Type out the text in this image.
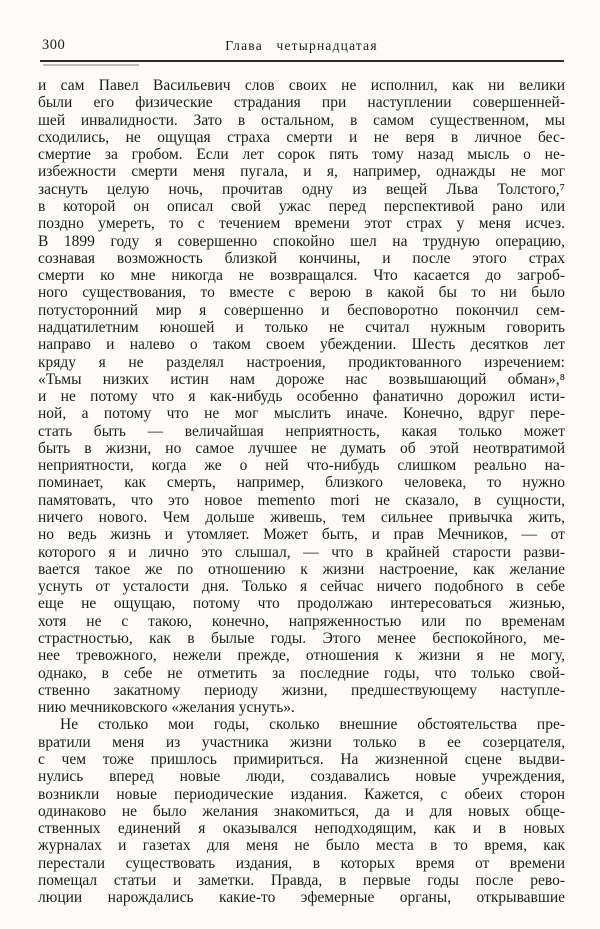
300	Глава четырнадцатая
и сам Павел Васильевич слов своих не исполнил, как ни велики
были его физические страдания при наступлении совершенней-
шей инвалидности. Зато в остальном, в самом существенном, мы
сходились, не ощущая страха смерти и не веря в личное бес-
смертие за гробом. Если лет сорок пять тому назад мысль о не-
избежности смерти меня пугала, и я, например, однажды не мог
заснуть целую ночь, прочитав одну из вещей Льва Толстого,⁷
в которой он описал свой ужас перед перспективой рано или
поздно умереть, то с течением времени этот страх у меня исчез.
В 1899 году я совершенно спокойно шел на трудную операцию,
сознавая возможность близкой кончины, и после этого страх
смерти ко мне никогда не возвращался. Что касается до загроб-
ного существования, то вместе с верою в какой бы то ни было
потусторонний мир я совершенно и бесповоротно покончил сем-
надцатилетним юношей и только не считал нужным говорить
направо и налево о таком своем убеждении. Шесть десятков лет
кряду я не разделял настроения, продиктованного изречением:
«Тьмы низких истин нам дороже нас возвышающий обман»,⁸
и не потому что я как-нибудь особенно фанатично дорожил исти-
ной, а потому что не мог мыслить иначе. Конечно, вдруг пере-
стать быть — величайшая неприятность, какая только может
быть в жизни, но самое лучшее не думать об этой неотвратимой
неприятности, когда же о ней что-нибудь слишком реально на-
поминает, как смерть, например, близкого человека, то нужно
памятовать, что это новое memento mori не сказало, в сущности,
ничего нового. Чем дольше живешь, тем сильнее привычка жить,
но ведь жизнь и утомляет. Может быть, и прав Мечников, — от
которого я и лично это слышал, — что в крайней старости разви-
вается такое же по отношению к жизни настроение, как желание
уснуть от усталости дня. Только я сейчас ничего подобного в себе
еще не ощущаю, потому что продолжаю интересоваться жизнью,
хотя не с такою, конечно, напряженностью или по временам
страстностью, как в былые годы. Этого менее беспокойного, ме-
нее тревожного, нежели прежде, отношения к жизни я не могу,
однако, в себе не отметить за последние годы, что только свой-
ственно закатному периоду жизни, предшествующему наступле-
нию мечниковского «желания уснуть».
Не столько мои годы, сколько внешние обстоятельства пре-
вратили меня из участника жизни только в ее созерцателя,
с чем тоже пришлось примириться. На жизненной сцене выдви-
нулись вперед новые люди, создавались новые учреждения,
возникли новые периодические издания. Кажется, с обеих сторон
одинаково не было желания знакомиться, да и для новых обще-
ственных единений я оказывался неподходящим, как и в новых
журналах и газетах для меня не было места в то время, как
перестали существовать издания, в которых время от времени
помещал статьи и заметки. Правда, в первые годы после рево-
люции нарождались какие-то эфемерные органы, открывавшие
